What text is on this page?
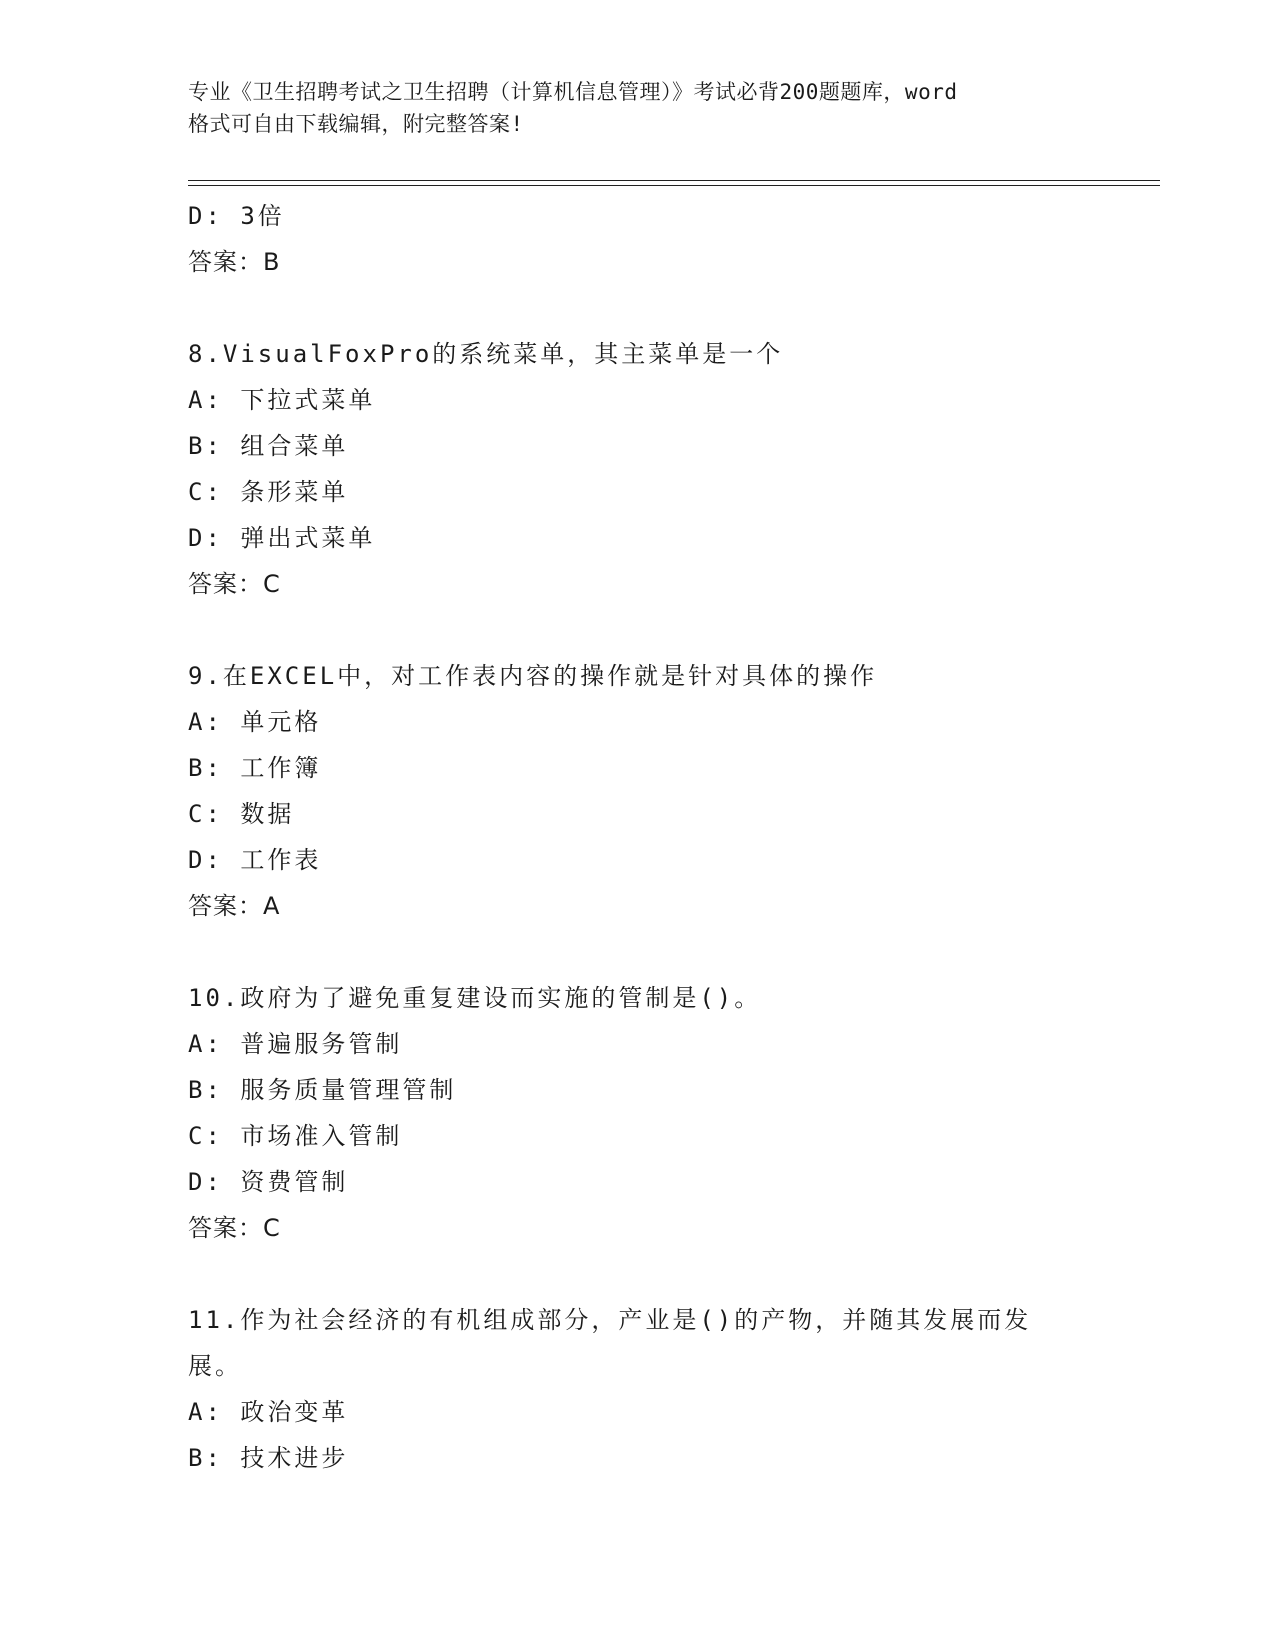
专业《卫生招聘考试之卫生招聘（计算机信息管理）》考试必背200题题库，word
格式可自由下载编辑，附完整答案!
D: 3倍
答案：B
8.VisualFoxPro的系统菜单，其主菜单是一个
A: 下拉式菜单
B: 组合菜单
C: 条形菜单
D: 弹出式菜单
答案：C
9.在EXCEL中，对工作表内容的操作就是针对具体的操作
A: 单元格
B: 工作簿
C: 数据
D: 工作表
答案：A
10.政府为了避免重复建设而实施的管制是()。
A: 普遍服务管制
B: 服务质量管理管制
C: 市场准入管制
D: 资费管制
答案：C
11.作为社会经济的有机组成部分，产业是()的产物，并随其发展而发
展。
A: 政治变革
B: 技术进步
